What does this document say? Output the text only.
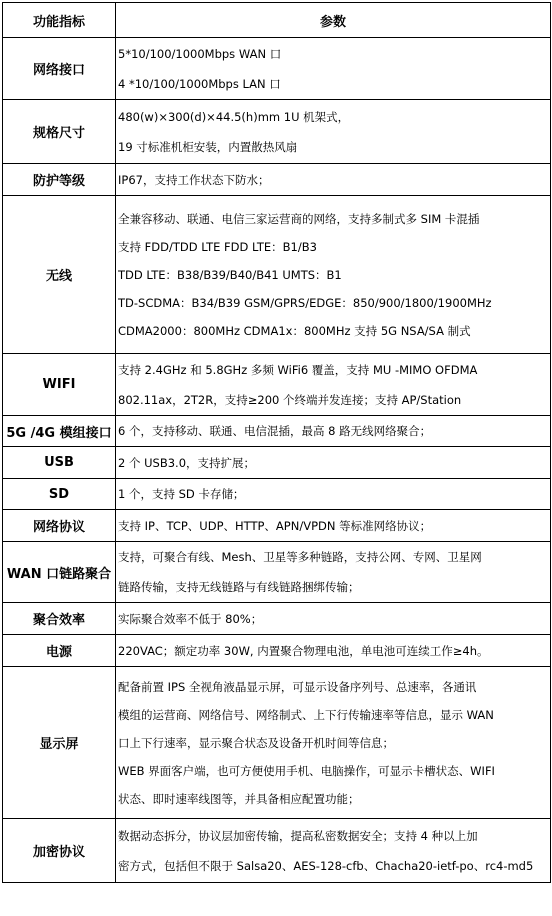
功能指标	参数
网络接口	5*10/100/1000Mbps WAN 口
4 *10/100/1000Mbps LAN 口

规格尺寸	480(w)×300(d)×44.5(h)mm 1U 机架式，
19 寸标准机柜安装，内置散热风扇

防护等级	IP67，支持工作状态下防水；

无线	全兼容移动、联通、电信三家运营商的网络，支持多制式多 SIM 卡混插
支持 FDD/TDD LTE FDD LTE：B1/B3
TDD LTE：B38/B39/B40/B41 UMTS：B1
TD-SCDMA：B34/B39 GSM/GPRS/EDGE：850/900/1800/1900MHz
CDMA2000：800MHz CDMA1x：800MHz 支持 5G NSA/SA 制式

WIFI	支持 2.4GHz 和 5.8GHz 多频 WiFi6 覆盖，支持 MU -MIMO OFDMA
802.11ax，2T2R，支持≥200 个终端并发连接；支持 AP/Station

5G /4G 模组接口	6 个，支持移动、联通、电信混插，最高 8 路无线网络聚合；

USB	2 个 USB3.0，支持扩展；

SD	1 个，支持 SD 卡存储；

网络协议	支持 IP、TCP、UDP、HTTP、APN/VPDN 等标准网络协议；

WAN 口链路聚合	支持，可聚合有线、Mesh、卫星等多种链路，支持公网、专网、卫星网
链路传输，支持无线链路与有线链路捆绑传输；

聚合效率	实际聚合效率不低于 80%；

电源	220VAC；额定功率 30W, 内置聚合物理电池，单电池可连续工作≥4h。

显示屏	配备前置 IPS 全视角液晶显示屏，可显示设备序列号、总速率，各通讯
模组的运营商、网络信号、网络制式、上下行传输速率等信息，显示 WAN
口上下行速率，显示聚合状态及设备开机时间等信息；
WEB 界面客户端，也可方便使用手机、电脑操作，可显示卡槽状态、WIFI
状态、即时速率线图等，并具备相应配置功能；

加密协议	数据动态拆分，协议层加密传输，提高私密数据安全；支持 4 种以上加
密方式，包括但不限于 Salsa20、AES-128-cfb、Chacha20-ietf-po、rc4-md5
